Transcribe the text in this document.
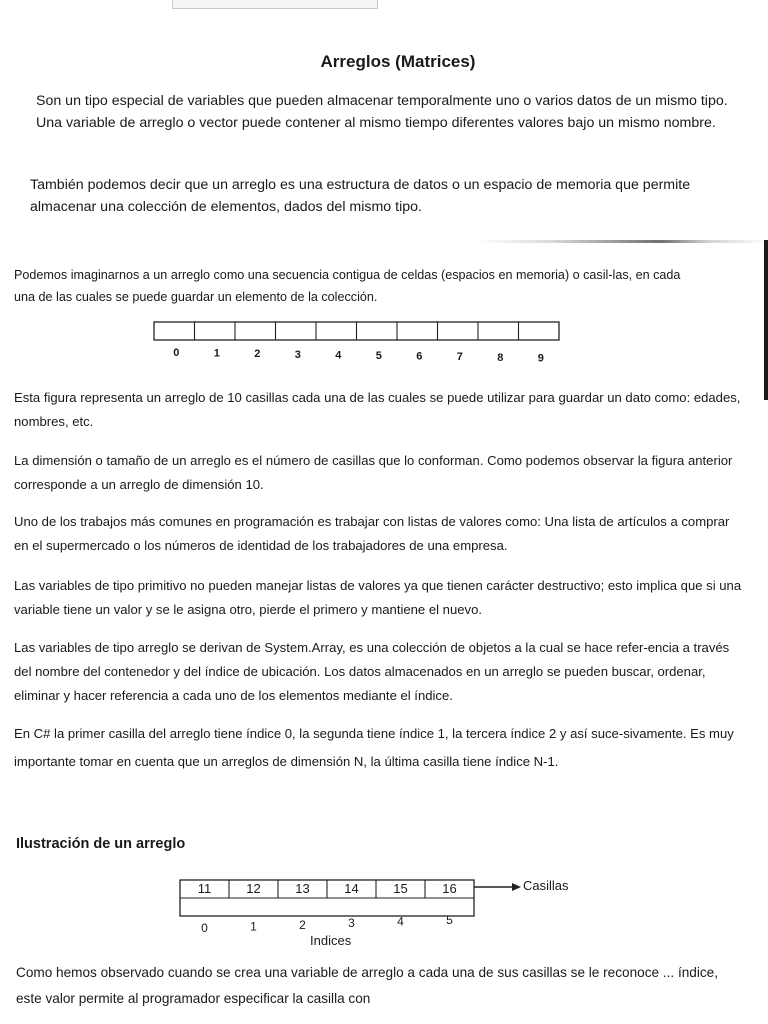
Arreglos (Matrices)

Son un tipo especial de variables que pueden almacenar temporalmente uno o varios datos de un mismo tipo. Una variable de arreglo o vector puede contener al mismo tiempo diferentes valores bajo un mismo nombre.

También podemos decir que un arreglo es una estructura de datos o un espacio de memoria que permite almacenar una colección de elementos, dados del mismo tipo.

Podemos imaginarnos a un arreglo como una secuencia contigua de celdas (espacios en memoria) o casil-las, en cada una de las cuales se puede guardar un elemento de la colección.

0	1	2	3	4	5	6	7	8	9
11	12	13	14	15	16
0	1	2	3	4	5
Casillas
Indices

Esta figura representa un arreglo de 10 casillas cada una de las cuales se puede utilizar para guardar un dato como: edades, nombres, etc.

La dimensión o tamaño de un arreglo es el número de casillas que lo conforman. Como podemos observar la figura anterior corresponde a un arreglo de dimensión 10.

Uno de los trabajos más comunes en programación es trabajar con listas de valores como: Una lista de artículos a comprar en el supermercado o los números de identidad de los trabajadores de una empresa.

Las variables de tipo primitivo no pueden manejar listas de valores ya que tienen carácter destructivo; esto implica que si una variable tiene un valor y se le asigna otro, pierde el primero y mantiene el nuevo.

Las variables de tipo arreglo se derivan de System.Array, es una colección de objetos a la cual se hace refer-encia a través del nombre del contenedor y del índice de ubicación. Los datos almacenados en un arreglo se pueden buscar, ordenar, eliminar y hacer referencia a cada uno de los elementos mediante el índice.

En C# la primer casilla del arreglo tiene índice 0, la segunda tiene índice 1, la tercera índice 2 y así suce-sivamente. Es muy importante tomar en cuenta que un arreglos de dimensión N, la última casilla tiene índice N-1.

Ilustración de un arreglo

Como hemos observado cuando se crea una variable de arreglo a cada una de sus casillas se le reconoce ... índice, este valor permite al programador especificar la casilla con
